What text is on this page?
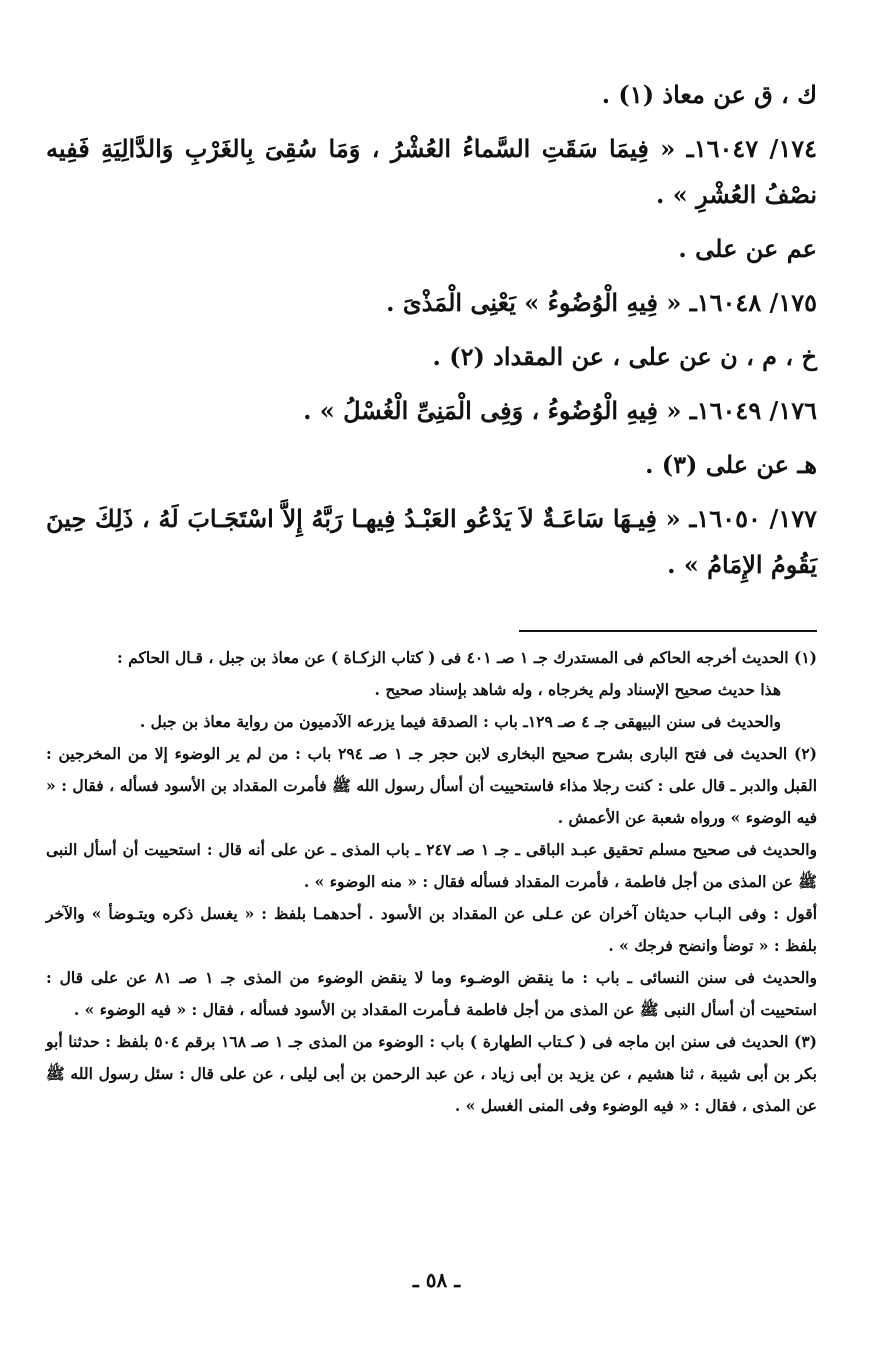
ك ، ق عن معاذ (١) .

١٧٤/ ١٦٠٤٧ـ « فِيمَا سَقَتِ السَّماءُ العُشْرُ ، وَمَا سُقِىَ بِالغَرْبِ وَالدَّالِيَةِ فَفِيه نصْفُ العُشْرِ » .

عم عن على .

١٧٥/ ١٦٠٤٨ـ « فِيهِ الْوُضُوءُ » يَعْنِى الْمَذْىَ .

خ ، م ، ن عن على ، عن المقداد (٢) .

١٧٦/ ١٦٠٤٩ـ « فِيهِ الْوُضُوءُ ، وَفِى الْمَنِىِّ الْغُسْلُ » .

هـ عن على (٣) .

١٧٧/ ١٦٠٥٠ـ « فِيـهَا سَاعَـةٌ لاَ يَدْعُو العَبْـدُ فِيهـا رَبَّهُ إِلاَّ اسْتَجَـابَ لَهُ ، ذَلِكَ حِينَ يَقُومُ الإِمَامُ » .

(١) الحديث أخرجه الحاكم فى المستدرك جـ ١ صـ ٤٠١ فى ( كتاب الزكـاة ) عن معاذ بن جبل ، قـال الحاكم :

هذا حديث صحيح الإسناد ولم يخرجاه ، وله شاهد بإسناد صحيح .

والحديث فى سنن البيهقى جـ ٤ صـ ١٢٩ـ باب : الصدقة فيما يزرعه الآدميون من رواية معاذ بن جبل .

(٢) الحديث فى فتح البارى بشرح صحيح البخارى لابن حجر جـ ١ صـ ٢٩٤ باب : من لم ير الوضوء إلا من المخرجين : القبل والدبر ـ قال على : كنت رجلا مذاء فاستحييت أن أسأل رسول الله ﷺ فأمرت المقداد بن الأسود فسأله ، فقال : « فيه الوضوء » ورواه شعبة عن الأعمش .

والحديث فى صحيح مسلم تحقيق عبـد الباقى ـ جـ ١ صـ ٢٤٧ ـ باب المذى ـ عن على أنه قال : استحييت أن أسأل النبى ﷺ عن المذى من أجل فاطمة ، فأمرت المقداد فسأله فقال : « منه الوضوء » .

أقول : وفى البـاب حديثان آخران عن عـلى عن المقداد بن الأسود . أحدهمـا بلفظ : « يغسل ذكره ويتـوضأ » والآخر بلفظ : « توضأ وانضح فرجك » .

والحديث فى سنن النسائى ـ باب : ما ينقض الوضـوء وما لا ينقض الوضوء من المذى جـ ١ صـ ٨١ عن على قال : استحييت أن أسأل النبى ﷺ عن المذى من أجل فاطمة فـأمرت المقداد بن الأسود فسأله ، فقال : « فيه الوضوء » .

(٣) الحديث فى سنن ابن ماجه فى ( كـتاب الطهارة ) باب : الوضوء من المذى جـ ١ صـ ١٦٨ برقم ٥٠٤ بلفظ : حدثنا أبو بكر بن أبى شيبة ، ثنا هشيم ، عن يزيد بن أبى زياد ، عن عبد الرحمن بن أبى ليلى ، عن على قال : سئل رسول الله ﷺ عن المذى ، فقال : « فيه الوضوء وفى المنى الغسل » .

ـ ٥٨ ـ
